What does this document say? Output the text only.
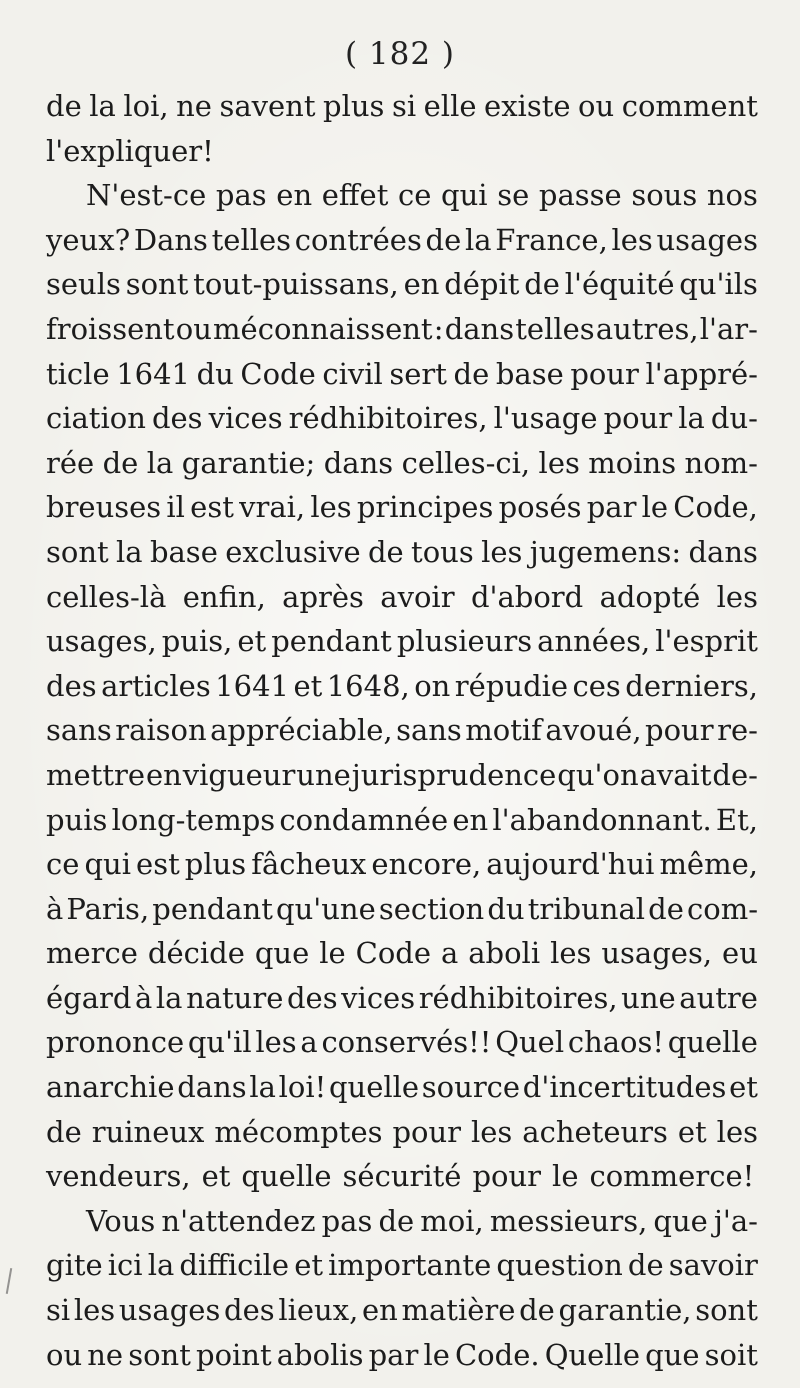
( 182 )
de la loi, ne savent plus si elle existe ou comment
l'expliquer!
N'est-ce pas en effet ce qui se passe sous nos
yeux? Dans telles contrées de la France, les usages
seuls sont tout-puissans, en dépit de l'équité qu'ils
froissent ou méconnaissent : dans telles autres, l'ar-
ticle 1641 du Code civil sert de base pour l'appré-
ciation des vices rédhibitoires, l'usage pour la du-
rée de la garantie; dans celles-ci, les moins nom-
breuses il est vrai, les principes posés par le Code,
sont la base exclusive de tous les jugemens: dans
celles-là enfin, après avoir d'abord adopté les
usages, puis, et pendant plusieurs années, l'esprit
des articles 1641 et 1648, on répudie ces derniers,
sans raison appréciable, sans motif avoué, pour re-
mettre en vigueur une jurisprudence qu'on avait de-
puis long-temps condamnée en l'abandonnant. Et,
ce qui est plus fâcheux encore, aujourd'hui même,
à Paris, pendant qu'une section du tribunal de com-
merce décide que le Code a aboli les usages, eu
égard à la nature des vices rédhibitoires, une autre
prononce qu'il les a conservés!! Quel chaos! quelle
anarchie dans la loi! quelle source d'incertitudes et
de ruineux mécomptes pour les acheteurs et les
vendeurs, et quelle sécurité pour le commerce!
Vous n'attendez pas de moi, messieurs, que j'a-
gite ici la difficile et importante question de savoir
si les usages des lieux, en matière de garantie, sont
ou ne sont point abolis par le Code. Quelle que soit
